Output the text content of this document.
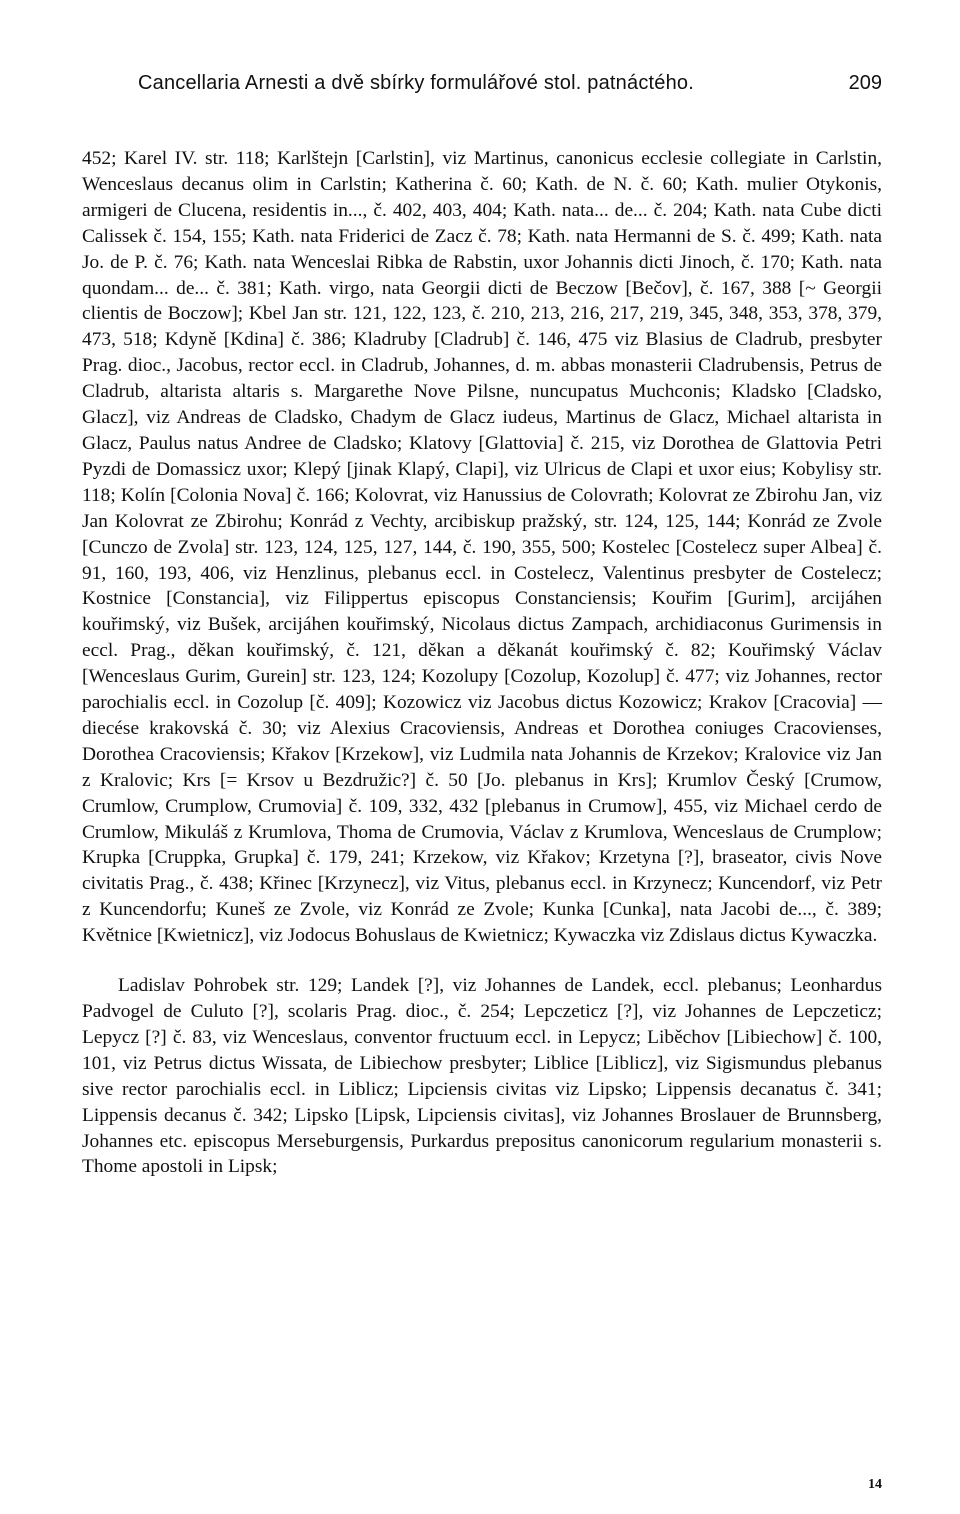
Cancellaria Arnesti a dvě sbírky formulářové stol. patnáctého.	209

452; Karel IV. str. 118; Karlštejn [Carlstin], viz Martinus, canonicus ecclesie collegiate in Carlstin, Wenceslaus decanus olim in Carlstin; Katherina č. 60; Kath. de N. č. 60; Kath. mulier Otykonis, armigeri de Clucena, residentis in..., č. 402, 403, 404; Kath. nata... de... č. 204; Kath. nata Cube dicti Calissek č. 154, 155; Kath. nata Friderici de Zacz č. 78; Kath. nata Hermanni de S. č. 499; Kath. nata Jo. de P. č. 76; Kath. nata Wenceslai Ribka de Rabstin, uxor Johannis dicti Jinoch, č. 170; Kath. nata quondam... de... č. 381; Kath. virgo, nata Georgii dicti de Beczow [Bečov], č. 167, 388 [~ Georgii clientis de Boczow]; Kbel Jan str. 121, 122, 123, č. 210, 213, 216, 217, 219, 345, 348, 353, 378, 379, 473, 518; Kdyně [Kdina] č. 386; Kladruby [Cladrub] č. 146, 475 viz Blasius de Cladrub, presbyter Prag. dioc., Jacobus, rector eccl. in Cladrub, Johannes, d. m. abbas monasterii Cladrubensis, Petrus de Cladrub, altarista altaris s. Margarethe Nove Pilsne, nuncupatus Muchconis; Kladsko [Cladsko, Glacz], viz Andreas de Cladsko, Chadym de Glacz iudeus, Martinus de Glacz, Michael altarista in Glacz, Paulus natus Andree de Cladsko; Klatovy [Glattovia] č. 215, viz Dorothea de Glattovia Petri Pyzdi de Domassicz uxor; Klepý [jinak Klapý, Clapi], viz Ulricus de Clapi et uxor eius; Kobylisy str. 118; Kolín [Colonia Nova] č. 166; Kolovrat, viz Hanussius de Colovrath; Kolovrat ze Zbirohu Jan, viz Jan Kolovrat ze Zbirohu; Konrád z Vechty, arcibiskup pražský, str. 124, 125, 144; Konrád ze Zvole [Cunczo de Zvola] str. 123, 124, 125, 127, 144, č. 190, 355, 500; Kostelec [Costelecz super Albea] č. 91, 160, 193, 406, viz Henzlinus, plebanus eccl. in Costelecz, Valentinus presbyter de Costelecz; Kostnice [Constancia], viz Filippertus episcopus Constanciensis; Kouřim [Gurim], arcijáhen kouřimský, viz Bušek, arcijáhen kouřimský, Nicolaus dictus Zampach, archidiaconus Gurimensis in eccl. Prag., děkan kouřimský, č. 121, děkan a děkanát kouřimský č. 82; Kouřimský Václav [Wenceslaus Gurim, Gurein] str. 123, 124; Kozolupy [Cozolup, Kozolup] č. 477; viz Johannes, rector parochialis eccl. in Cozolup [č. 409]; Kozowicz viz Jacobus dictus Kozowicz; Krakov [Cracovia] — diecése krakovská č. 30; viz Alexius Cracoviensis, Andreas et Dorothea coniuges Cracovienses, Dorothea Cracoviensis; Křakov [Krzekow], viz Ludmila nata Johannis de Krzekov; Kralovice viz Jan z Kralovic; Krs [= Krsov u Bezdružic?] č. 50 [Jo. plebanus in Krs]; Krumlov Český [Crumow, Crumlow, Crumplow, Crumovia] č. 109, 332, 432 [plebanus in Crumow], 455, viz Michael cerdo de Crumlow, Mikuláš z Krumlova, Thoma de Crumovia, Václav z Krumlova, Wenceslaus de Crumplow; Krupka [Cruppka, Grupka] č. 179, 241; Krzekow, viz Křakov; Krzetyna [?], braseator, civis Nove civitatis Prag., č. 438; Křinec [Krzynecz], viz Vitus, plebanus eccl. in Krzynecz; Kuncendorf, viz Petr z Kuncendorfu; Kuneš ze Zvole, viz Konrád ze Zvole; Kunka [Cunka], nata Jacobi de..., č. 389; Květnice [Kwietnicz], viz Jodocus Bohuslaus de Kwietnicz; Kywaczka viz Zdislaus dictus Kywaczka.

Ladislav Pohrobek str. 129; Landek [?], viz Johannes de Landek, eccl. plebanus; Leonhardus Padvogel de Culuto [?], scolaris Prag. dioc., č. 254; Lepczeticz [?], viz Johannes de Lepczeticz; Lepycz [?] č. 83, viz Wenceslaus, conventor fructuum eccl. in Lepycz; Liběchov [Libiechow] č. 100, 101, viz Petrus dictus Wissata, de Libiechow presbyter; Liblice [Liblicz], viz Sigismundus plebanus sive rector parochialis eccl. in Liblicz; Lipciensis civitas viz Lipsko; Lippensis decanatus č. 341; Lippensis decanus č. 342; Lipsko [Lipsk, Lipciensis civitas], viz Johannes Broslauer de Brunnsberg, Johannes etc. episcopus Merseburgensis, Purkardus prepositus canonicorum regularium monasterii s. Thome apostoli in Lipsk;

14
